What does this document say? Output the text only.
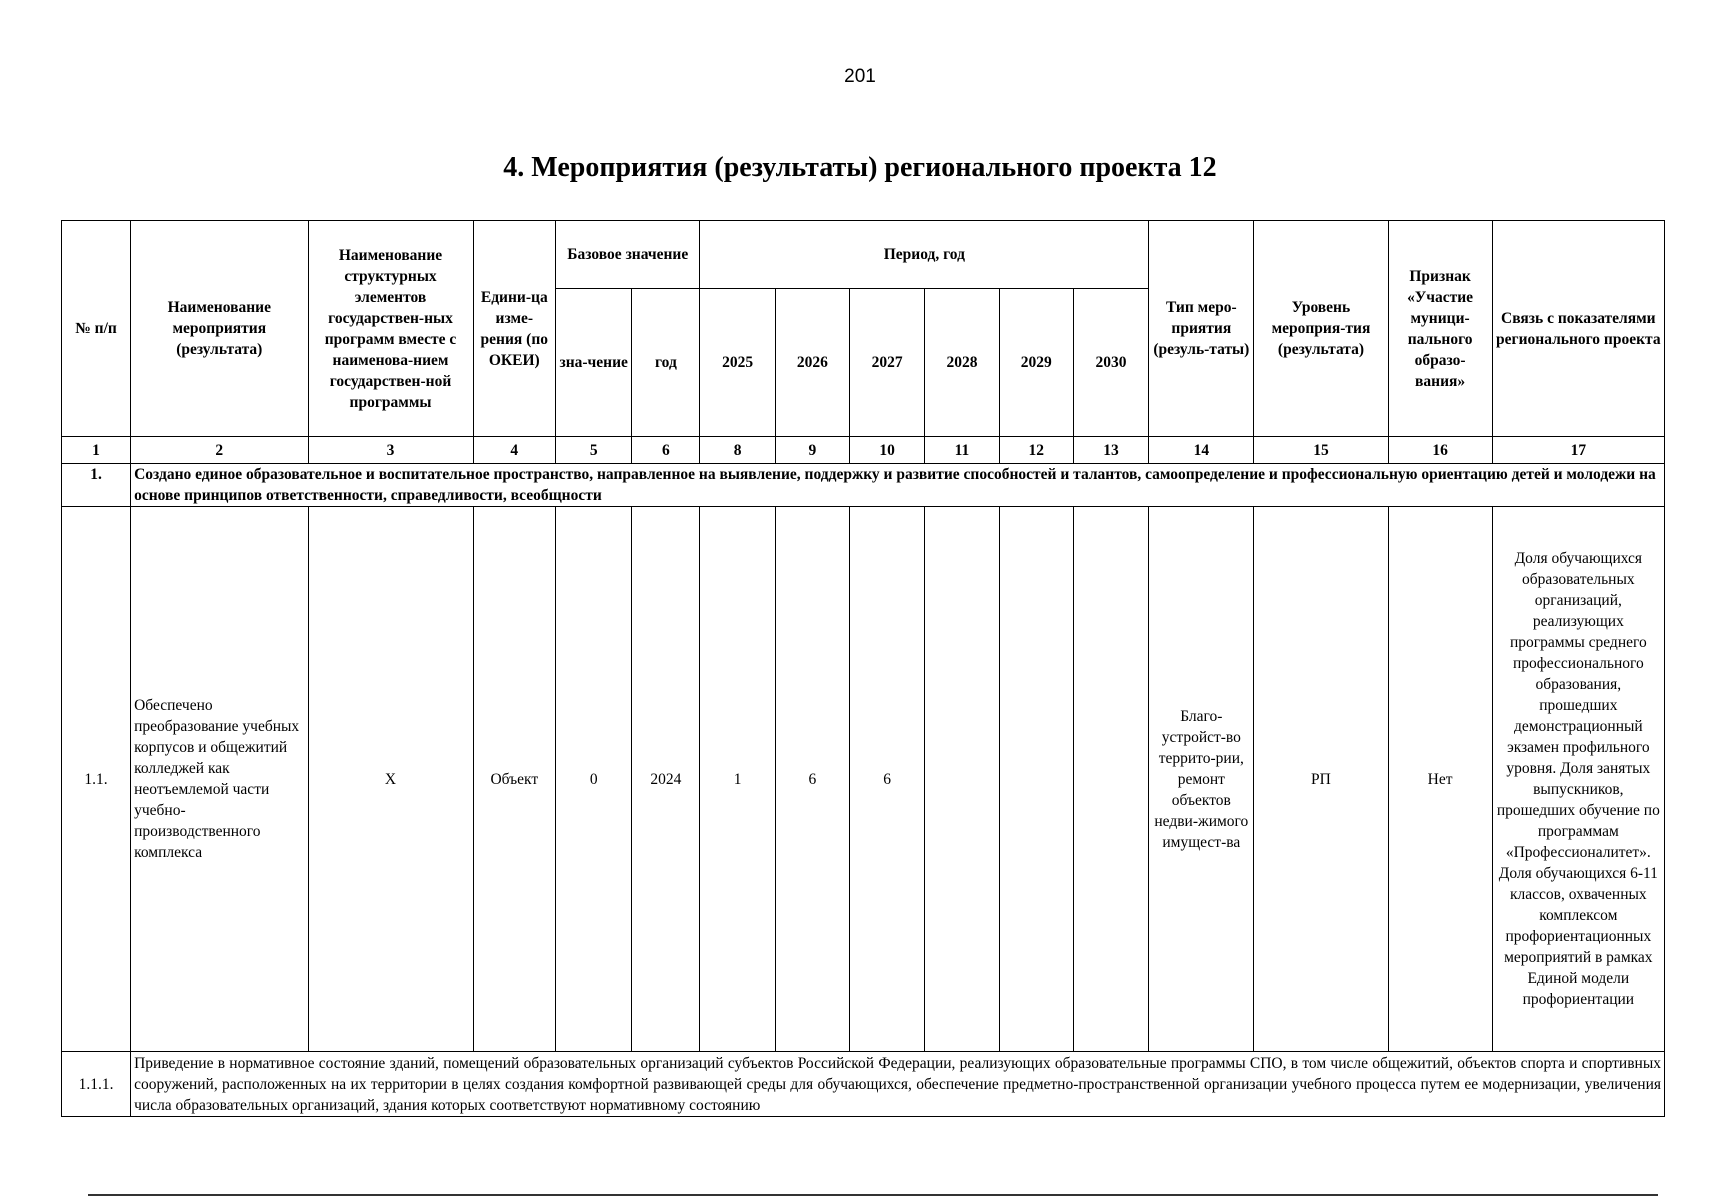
201
4. Мероприятия (результаты) регионального проекта 12
№ п/п	Наименование мероприятия (результата)	Наименование структурных элементов государствен-ных программ вместе с наименова-нием государствен-ной программы	Едини-ца изме-рения (по ОКЕИ)	Базовое значение		Период, год						Тип меро-приятия (резуль-таты)	Уровень мероприя-тия (результата)	Признак «Участие муници-пального образо-вания»	Связь с показателями регионального проекта
				зна-чение	год	2025	2026	2027	2028	2029	2030				
1	2	3	4	5	6	8	9	10	11	12	13	14	15	16	17
1.	Создано единое образовательное и воспитательное пространство, направленное на выявление, поддержку и развитие способностей и талантов, самоопределение и профессиональную ориентацию детей и молодежи на основе принципов ответственности, справедливости, всеобщности														
1.1.	Обеспечено преобразование учебных корпусов и общежитий колледжей как неотъемлемой части учебно-производственного комплекса	Х	Объект	0	2024	1	6	6				Благо-устройст-во террито-рии, ремонт объектов недви-жимого имущест-ва	РП	Нет	Доля обучающихся образовательных организаций, реализующих программы среднего профессионального образования, прошедших демонстрационный экзамен профильного уровня. Доля занятых выпускников, прошедших обучение по программам «Профессионалитет». Доля обучающихся 6-11 классов, охваченных комплексом профориентационных мероприятий в рамках Единой модели профориентации
1.1.1.	Приведение в нормативное состояние зданий, помещений образовательных организаций субъектов Российской Федерации, реализующих образовательные программы СПО, в том числе общежитий, объектов спорта и спортивных сооружений, расположенных на их территории в целях создания комфортной развивающей среды для обучающихся, обеспечение предметно-пространственной организации учебного процесса путем ее модернизации, увеличения числа образовательных организаций, здания которых соответствуют нормативному состоянию														
